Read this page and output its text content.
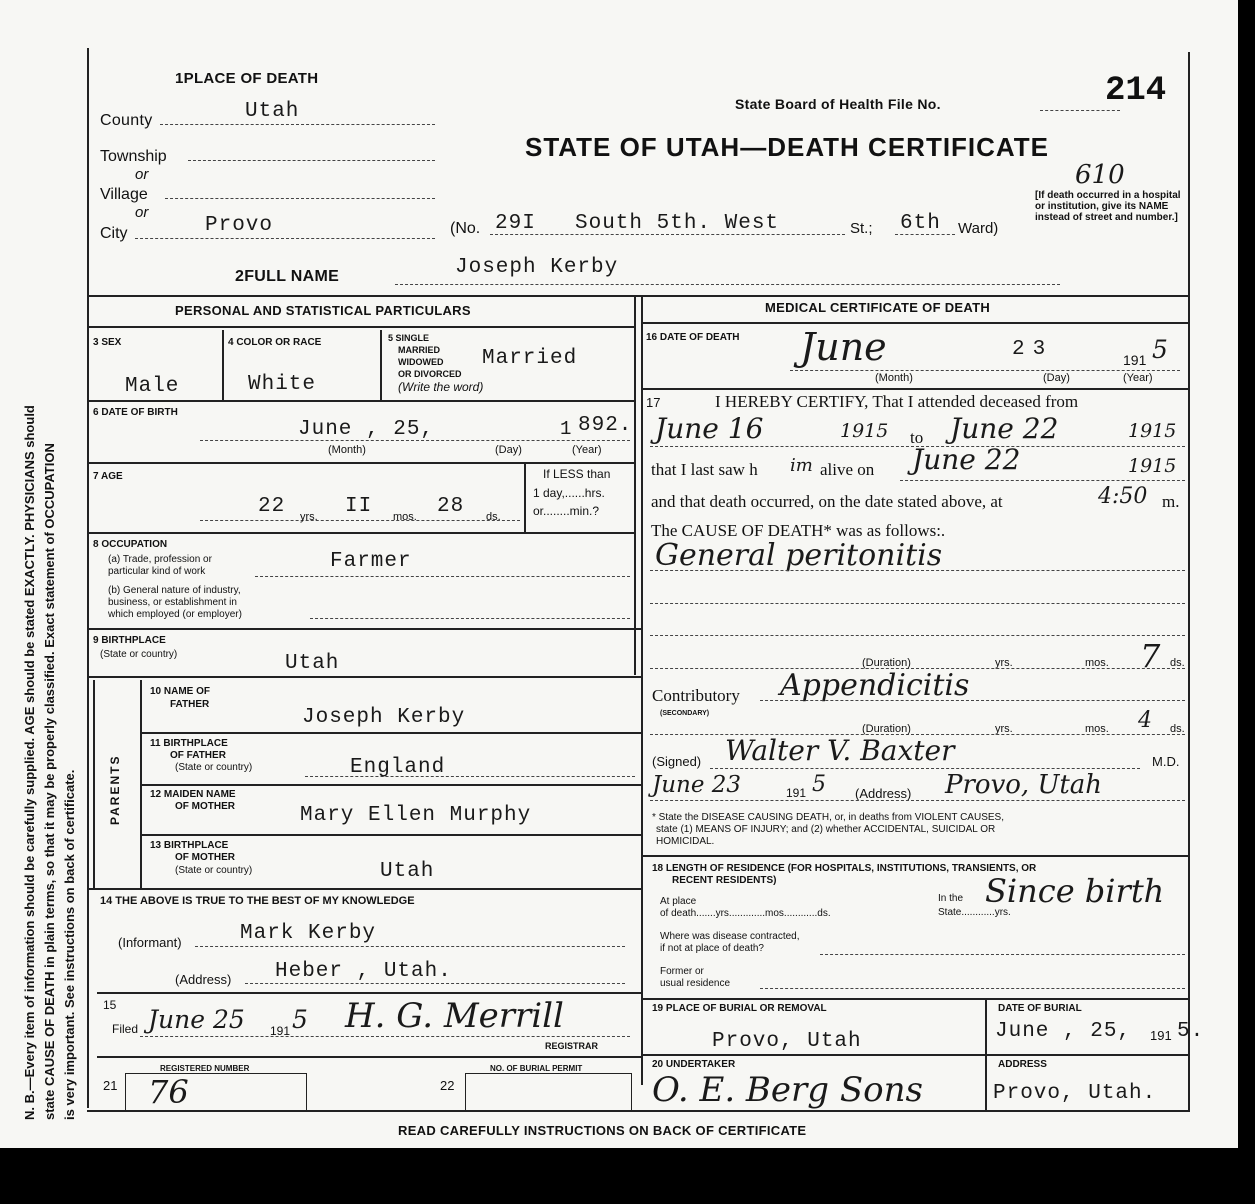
N. B.—Every item of information should be carefully supplied. AGE should be stated EXACTLY. PHYSICIANS should state CAUSE OF DEATH in plain terms, so that it may be properly classified. Exact statement of OCCUPATION is very important. See instructions on back of certificate.
1PLACE OF DEATH
State Board of Health File No.	214
STATE OF UTAH—DEATH CERTIFICATE
610
[If death occurred in a hospital or institution, give its NAME instead of street and number.]
County	Utah
Township
or
Village
or
City	Provo	(No. 29I South 5th. West	St.; 6th Ward)
2FULL NAME	Joseph Kerby
PERSONAL AND STATISTICAL PARTICULARS
3 SEX
Male
4 COLOR OR RACE
White
5 SINGLE
MARRIED
WIDOWED
OR DIVORCED
(Write the word)
Married
6 DATE OF BIRTH
June , 25,	1 892.
(Month)	(Day)	(Year)
7 AGE
22 yrs. II mos. 28 ds.
If LESS than
1 day,......hrs.
or........min.?
8 OCCUPATION
(a) Trade, profession or
particular kind of work	Farmer
(b) General nature of industry,
business, or establishment in
which employed (or employer)
9 BIRTHPLACE
(State or country)	Utah
PARENTS
10 NAME OF
FATHER
Joseph Kerby
11 BIRTHPLACE
OF FATHER
(State or country)	England
12 MAIDEN NAME
OF MOTHER	Mary Ellen Murphy
13 BIRTHPLACE
OF MOTHER
(State or country)	Utah
14 THE ABOVE IS TRUE TO THE BEST OF MY KNOWLEDGE
(Informant)	Mark Kerby
(Address) Heber , Utah.
15
Filed June 25 191 5 H. G. Merrill
REGISTRAR
REGISTERED NUMBER
21 76
NO. OF BURIAL PERMIT
22
MEDICAL CERTIFICATE OF DEATH
16 DATE OF DEATH June	23	191 5
(Month)	(Day)	(Year)
17	I HEREBY CERTIFY, That I attended deceased from
June 16	1915 to June 22	1915
that I last saw h im alive on June 22	1915
and that death occurred, on the date stated above, at	4:50 m.
The CAUSE OF DEATH* was as follows:.
General peritonitis
(Duration)	yrs.	mos. 7 ds.
Contributory
(SECONDARY)
Appendicitis
(Duration)	yrs.	mos. 4 ds.
(Signed) Walter V. Baxter	M.D.
June 23	191 5 (Address) Provo, Utah
* State the DISEASE CAUSING DEATH, or, in deaths from VIOLENT CAUSES,
state (1) MEANS OF INJURY; and (2) whether ACCIDENTAL, SUICIDAL OR
HOMICIDAL.
18 LENGTH OF RESIDENCE (FOR HOSPITALS, INSTITUTIONS, TRANSIENTS, OR
RECENT RESIDENTS)
At place
of death.......yrs.............mos............ds.
In the
State............yrs.
Since birth
Where was disease contracted,
if not at place of death?
Former or
usual residence
19 PLACE OF BURIAL OR REMOVAL
Provo, Utah
DATE OF BURIAL
June , 25, 191 5.
20 UNDERTAKER
O. E. Berg Sons
ADDRESS
Provo, Utah.
READ CAREFULLY INSTRUCTIONS ON BACK OF CERTIFICATE
